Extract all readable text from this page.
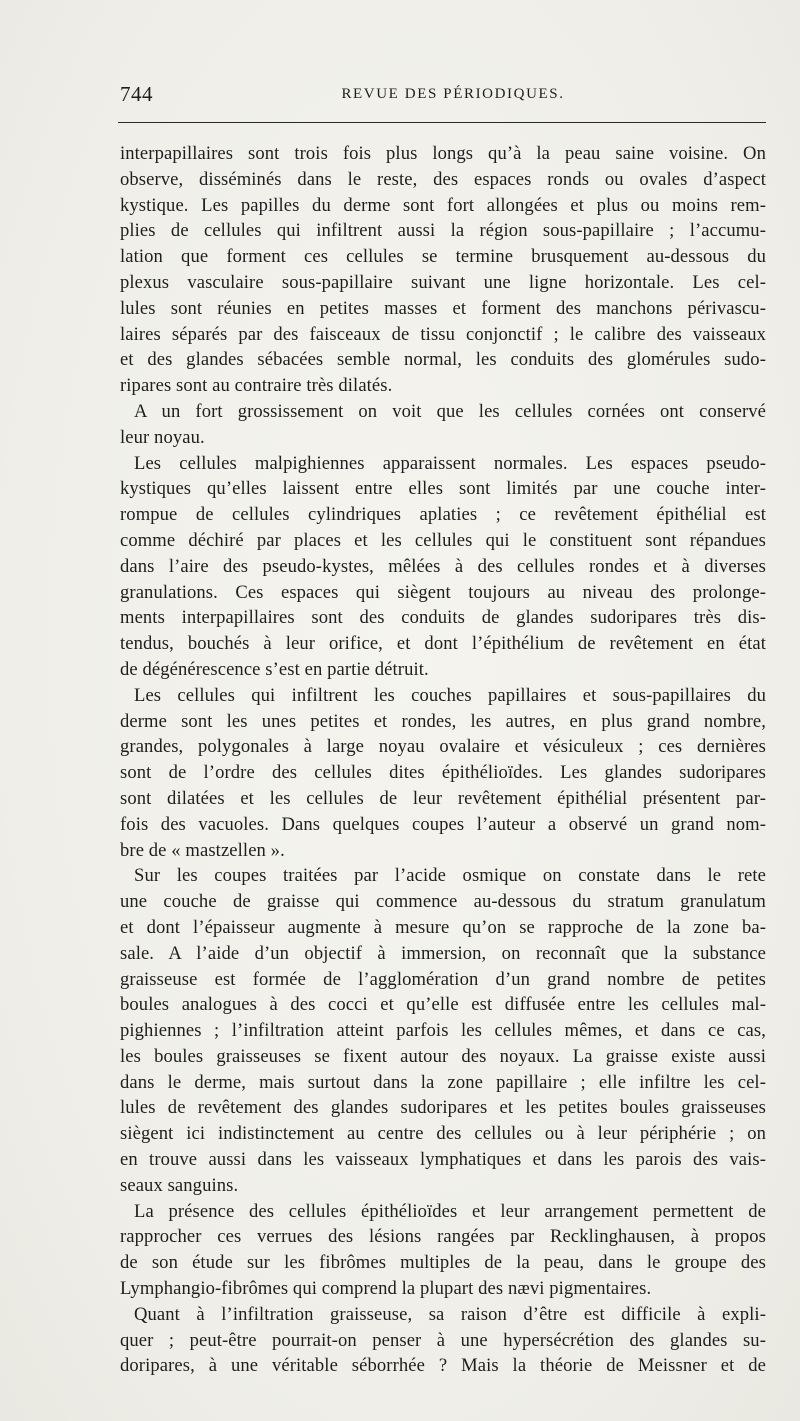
744	REVUE DES PÉRIODIQUES.

interpapillaires sont trois fois plus longs qu’à la peau saine voisine. On
observe, disséminés dans le reste, des espaces ronds ou ovales d’aspect
kystique. Les papilles du derme sont fort allongées et plus ou moins rem-
plies de cellules qui infiltrent aussi la région sous-papillaire ; l’accumu-
lation que forment ces cellules se termine brusquement au-dessous du
plexus vasculaire sous-papillaire suivant une ligne horizontale. Les cel-
lules sont réunies en petites masses et forment des manchons périvascu-
laires séparés par des faisceaux de tissu conjonctif ; le calibre des vaisseaux
et des glandes sébacées semble normal, les conduits des glomérules sudo-
ripares sont au contraire très dilatés.

A un fort grossissement on voit que les cellules cornées ont conservé
leur noyau.

Les cellules malpighiennes apparaissent normales. Les espaces pseudo-
kystiques qu’elles laissent entre elles sont limités par une couche inter-
rompue de cellules cylindriques aplaties ; ce revêtement épithélial est
comme déchiré par places et les cellules qui le constituent sont répandues
dans l’aire des pseudo-kystes, mêlées à des cellules rondes et à diverses
granulations. Ces espaces qui siègent toujours au niveau des prolonge-
ments interpapillaires sont des conduits de glandes sudoripares très dis-
tendus, bouchés à leur orifice, et dont l’épithélium de revêtement en état
de dégénérescence s’est en partie détruit.

Les cellules qui infiltrent les couches papillaires et sous-papillaires du
derme sont les unes petites et rondes, les autres, en plus grand nombre,
grandes, polygonales à large noyau ovalaire et vésiculeux ; ces dernières
sont de l’ordre des cellules dites épithélioïdes. Les glandes sudoripares
sont dilatées et les cellules de leur revêtement épithélial présentent par-
fois des vacuoles. Dans quelques coupes l’auteur a observé un grand nom-
bre de « mastzellen ».

Sur les coupes traitées par l’acide osmique on constate dans le rete
une couche de graisse qui commence au-dessous du stratum granulatum
et dont l’épaisseur augmente à mesure qu’on se rapproche de la zone ba-
sale. A l’aide d’un objectif à immersion, on reconnaît que la substance
graisseuse est formée de l’agglomération d’un grand nombre de petites
boules analogues à des cocci et qu’elle est diffusée entre les cellules mal-
pighiennes ; l’infiltration atteint parfois les cellules mêmes, et dans ce cas,
les boules graisseuses se fixent autour des noyaux. La graisse existe aussi
dans le derme, mais surtout dans la zone papillaire ; elle infiltre les cel-
lules de revêtement des glandes sudoripares et les petites boules graisseuses
siègent ici indistinctement au centre des cellules ou à leur périphérie ; on
en trouve aussi dans les vaisseaux lymphatiques et dans les parois des vais-
seaux sanguins.

La présence des cellules épithélioïdes et leur arrangement permettent de
rapprocher ces verrues des lésions rangées par Recklinghausen, à propos
de son étude sur les fibrômes multiples de la peau, dans le groupe des
Lymphangio-fibrômes qui comprend la plupart des nævi pigmentaires.

Quant à l’infiltration graisseuse, sa raison d’être est difficile à expli-
quer ; peut-être pourrait-on penser à une hypersécrétion des glandes su-
doripares, à une véritable séborrhée ? Mais la théorie de Meissner et de
